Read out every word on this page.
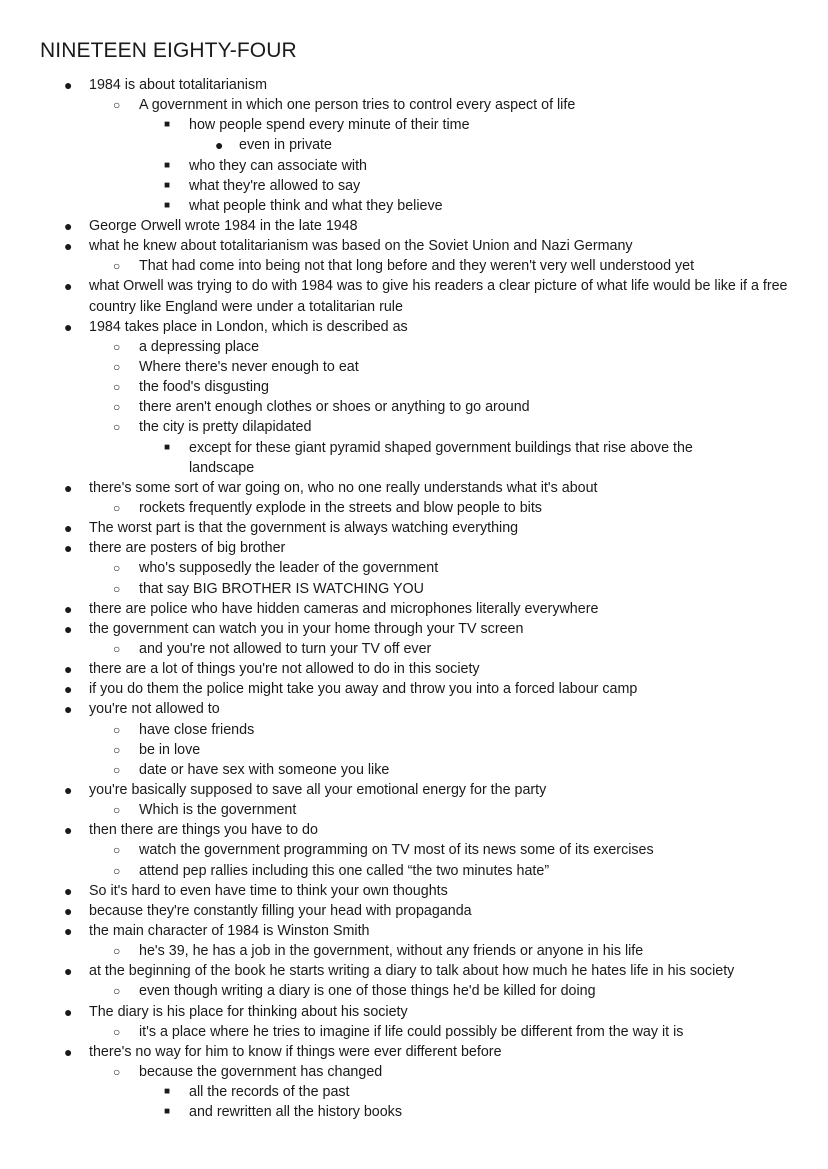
NINETEEN EIGHTY-FOUR
● 1984 is about totalitarianism
○ A government in which one person tries to control every aspect of life
■ how people spend every minute of their time
● even in private
■ who they can associate with
■ what they're allowed to say
■ what people think and what they believe
● George Orwell wrote 1984 in the late 1948
● what he knew about totalitarianism was based on the Soviet Union and Nazi Germany
○ That had come into being not that long before and they weren't very well understood yet
● what Orwell was trying to do with 1984 was to give his readers a clear picture of what life would be like if a free country like England were under a totalitarian rule
● 1984 takes place in London, which is described as
○ a depressing place
○ Where there's never enough to eat
○ the food's disgusting
○ there aren't enough clothes or shoes or anything to go around
○ the city is pretty dilapidated
■ except for these giant pyramid shaped government buildings that rise above the landscape
● there's some sort of war going on, who no one really understands what it's about
○ rockets frequently explode in the streets and blow people to bits
● The worst part is that the government is always watching everything
● there are posters of big brother
○ who's supposedly the leader of the government
○ that say BIG BROTHER IS WATCHING YOU
● there are police who have hidden cameras and microphones literally everywhere
● the government can watch you in your home through your TV screen
○ and you're not allowed to turn your TV off ever
● there are a lot of things you're not allowed to do in this society
● if you do them the police might take you away and throw you into a forced labour camp
● you're not allowed to
○ have close friends
○ be in love
○ date or have sex with someone you like
● you're basically supposed to save all your emotional energy for the party
○ Which is the government
● then there are things you have to do
○ watch the government programming on TV most of its news some of its exercises
○ attend pep rallies including this one called “the two minutes hate”
● So it's hard to even have time to think your own thoughts
● because they're constantly filling your head with propaganda
● the main character of 1984 is Winston Smith
○ he's 39, he has a job in the government, without any friends or anyone in his life
● at the beginning of the book he starts writing a diary to talk about how much he hates life in his society
○ even though writing a diary is one of those things he'd be killed for doing
● The diary is his place for thinking about his society
○ it's a place where he tries to imagine if life could possibly be different from the way it is
● there's no way for him to know if things were ever different before
○ because the government has changed
■ all the records of the past
■ and rewritten all the history books
